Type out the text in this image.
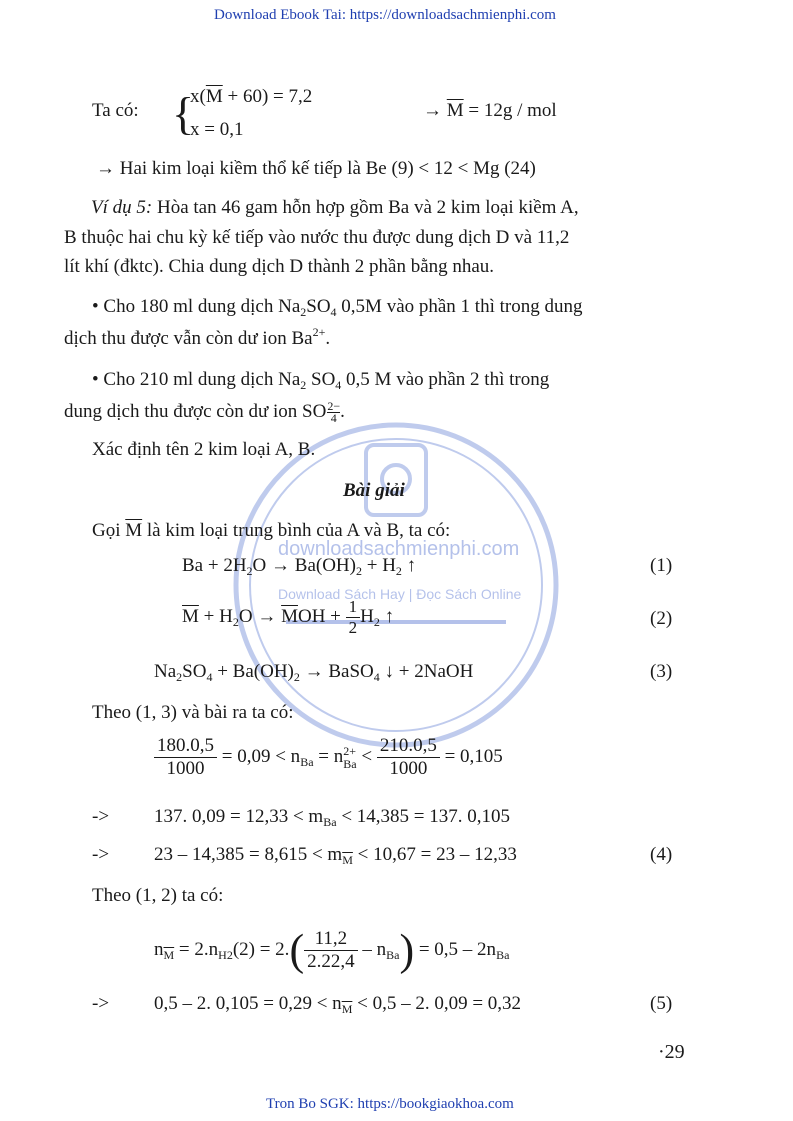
Download Ebook Tai: https://downloadsachmienphi.com
downloadsachmienphi.com
Download Sách Hay | Đọc Sách Online
Ta có: {
$x(\overline{M} + 60) = 7,2$
x = 0,1
→ $\overline{M} = 12g$ / mol
→ Hai kim loại kiềm thổ kế tiếp là Be (9) < 12 < Mg (24)
Ví dụ 5: Hòa tan 46 gam hỗn hợp gồm Ba và 2 kim loại kiềm A,
B thuộc hai chu kỳ kế tiếp vào nước thu được dung dịch D và 11,2
lít khí (đktc). Chia dung dịch D thành 2 phần bằng nhau.
• Cho 180 ml dung dịch $Na_2SO_4$ 0,5M vào phần 1 thì trong dung
dịch thu được vẫn còn dư ion $Ba^{2+}$.
• Cho 210 ml dung dịch $Na_2$ $SO_4$ 0,5 M vào phần 2 thì trong
dung dịch thu được còn dư ion SO $\frac{2-}{4}$ .
Xác định tên 2 kim loại A, B.
Bài giải
Gọi $\overline{M}$ là kim loại trung bình của A và B, ta có:
$Ba + 2H_2O \to Ba(OH)_2 + H_2$ ↑	(1)
$\overline{M} + H_2O \to \overline{M}OH + \frac{1}{2} H_2$ ↑	(2)
$Na_2SO_4 + Ba(OH)_2$ → BaSO$_4$ ↓ + 2NaOH	(3)
Theo (1, 3) và bài ra ta có:
$\frac{180.0,5}{1000} = 0,09 < n_{Ba} = n$ 2+
$Ba < \frac{210.0,5}{1000} = 0,105$
-> 137. $0,09 = 12,33 < m_{Ba} < 14,385 = 137$. 0,105
-> $23 - 14,385 = 8,615 < m_{\overline{M}} < 10,67 = 23 - 12,33$	(4)
Theo (1, 2) ta có:
$n_{\overline{M}} = 2.n_{H2}(2) = 2.( \frac{11,2}{2.22,4} - n_{Ba}) = 0,5 - 2n_{Ba}$
-> 0,5 – 2. $0,105 = 0,29 < n_{\overline{M}} < 0,5 - 2$. 0,09 = 0,32	(5)
·29
Tron Bo SGK: https://bookgiaokhoa.com
